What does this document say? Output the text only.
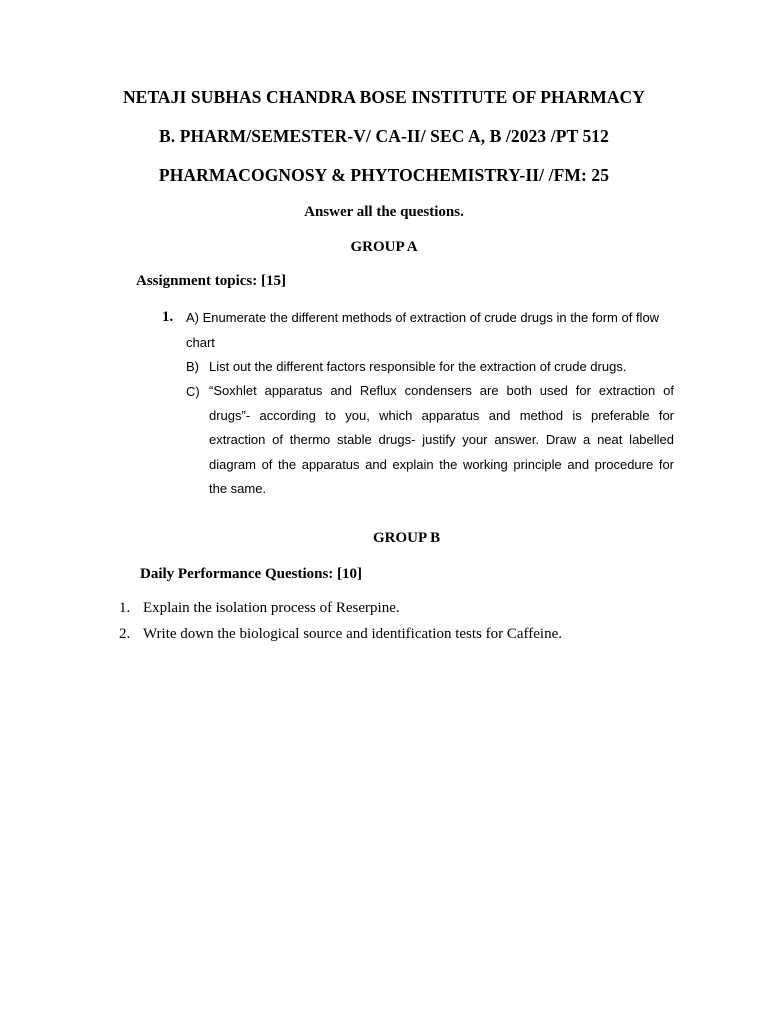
NETAJI SUBHAS CHANDRA BOSE INSTITUTE OF PHARMACY

B. PHARM/SEMESTER-V/ CA-II/ SEC A, B /2023 /PT 512

PHARMACOGNOSY & PHYTOCHEMISTRY-II/ /FM: 25

Answer all the questions.

GROUP A

Assignment topics: [15]

1. A) Enumerate the different methods of extraction of crude drugs in the form of flow

chart

B) List out the different factors responsible for the extraction of crude drugs.

C) “Soxhlet apparatus and Reflux condensers are both used for extraction of
drugs”- according to you, which apparatus and method is preferable for
extraction of thermo stable drugs- justify your answer. Draw a neat labelled
diagram of the apparatus and explain the working principle and procedure for
the same.

GROUP B

Daily Performance Questions: [10]

1. Explain the isolation process of Reserpine.

2. Write down the biological source and identification tests for Caffeine.
